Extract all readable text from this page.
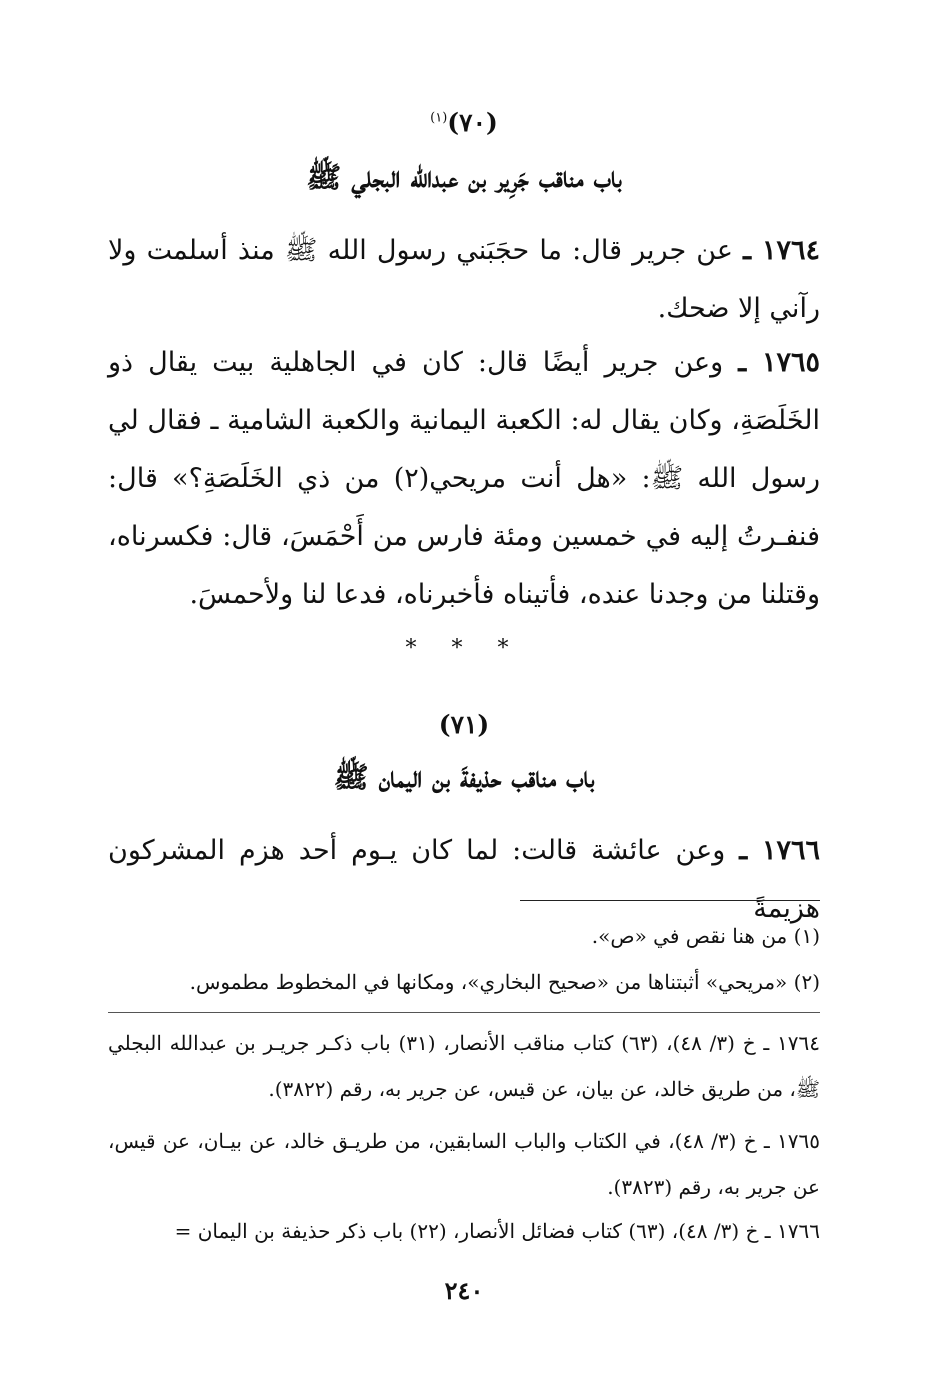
(٧٠)$^{(١)}$
باب مناقب جَرِير بن عبدالله البجلي ﷺ
١٧٦٤ ـ عن جرير قال: ما حجَبَني رسول الله ﷺ منذ أسلمت ولا رآني إلا ضحك.
١٧٦٥ ـ وعن جرير أيضًا قال: كان في الجاهلية بيت يقال ذو الخَلَصَةِ، وكان يقال له: الكعبة اليمانية والكعبة الشامية ـ فقال لي رسول الله ﷺ: «هل أنت مريحي(٢) من ذي الخَلَصَةِ؟» قال: فنفـرتُ إليه في خمسين ومئة فارس من أَحْمَسَ، قال: فكسرناه، وقتلنا من وجدنا عنده، فأتيناه فأخبرناه، فدعا لنا ولأحمسَ.
* * *
(٧١)
باب مناقب حذيفةَ بن اليمان ﷺ
١٧٦٦ ـ وعن عائشة قالت: لما كان يـوم أحد هزم المشركون هزيمةً
(١) من هنا نقص في «ص».
(٢) «مريحي» أثبتناها من «صحيح البخاري»، ومكانها في المخطوط مطموس.
١٧٦٤ ـ خ (٣/ ٤٨)، (٦٣) كتاب مناقب الأنصار، (٣١) باب ذكـر جريـر بن عبدالله البجلي ﷺ، من طريق خالد، عن بيان، عن قيس، عن جرير به، رقم (٣٨٢٢).
١٧٦٥ ـ خ (٣/ ٤٨)، في الكتاب والباب السابقين، من طريـق خالد، عن بيـان، عن قيس، عن جرير به، رقم (٣٨٢٣).
١٧٦٦ ـ خ (٣/ ٤٨)، (٦٣) كتاب فضائل الأنصار، (٢٢) باب ذكر حذيفة بن اليمان =
٢٤٠
